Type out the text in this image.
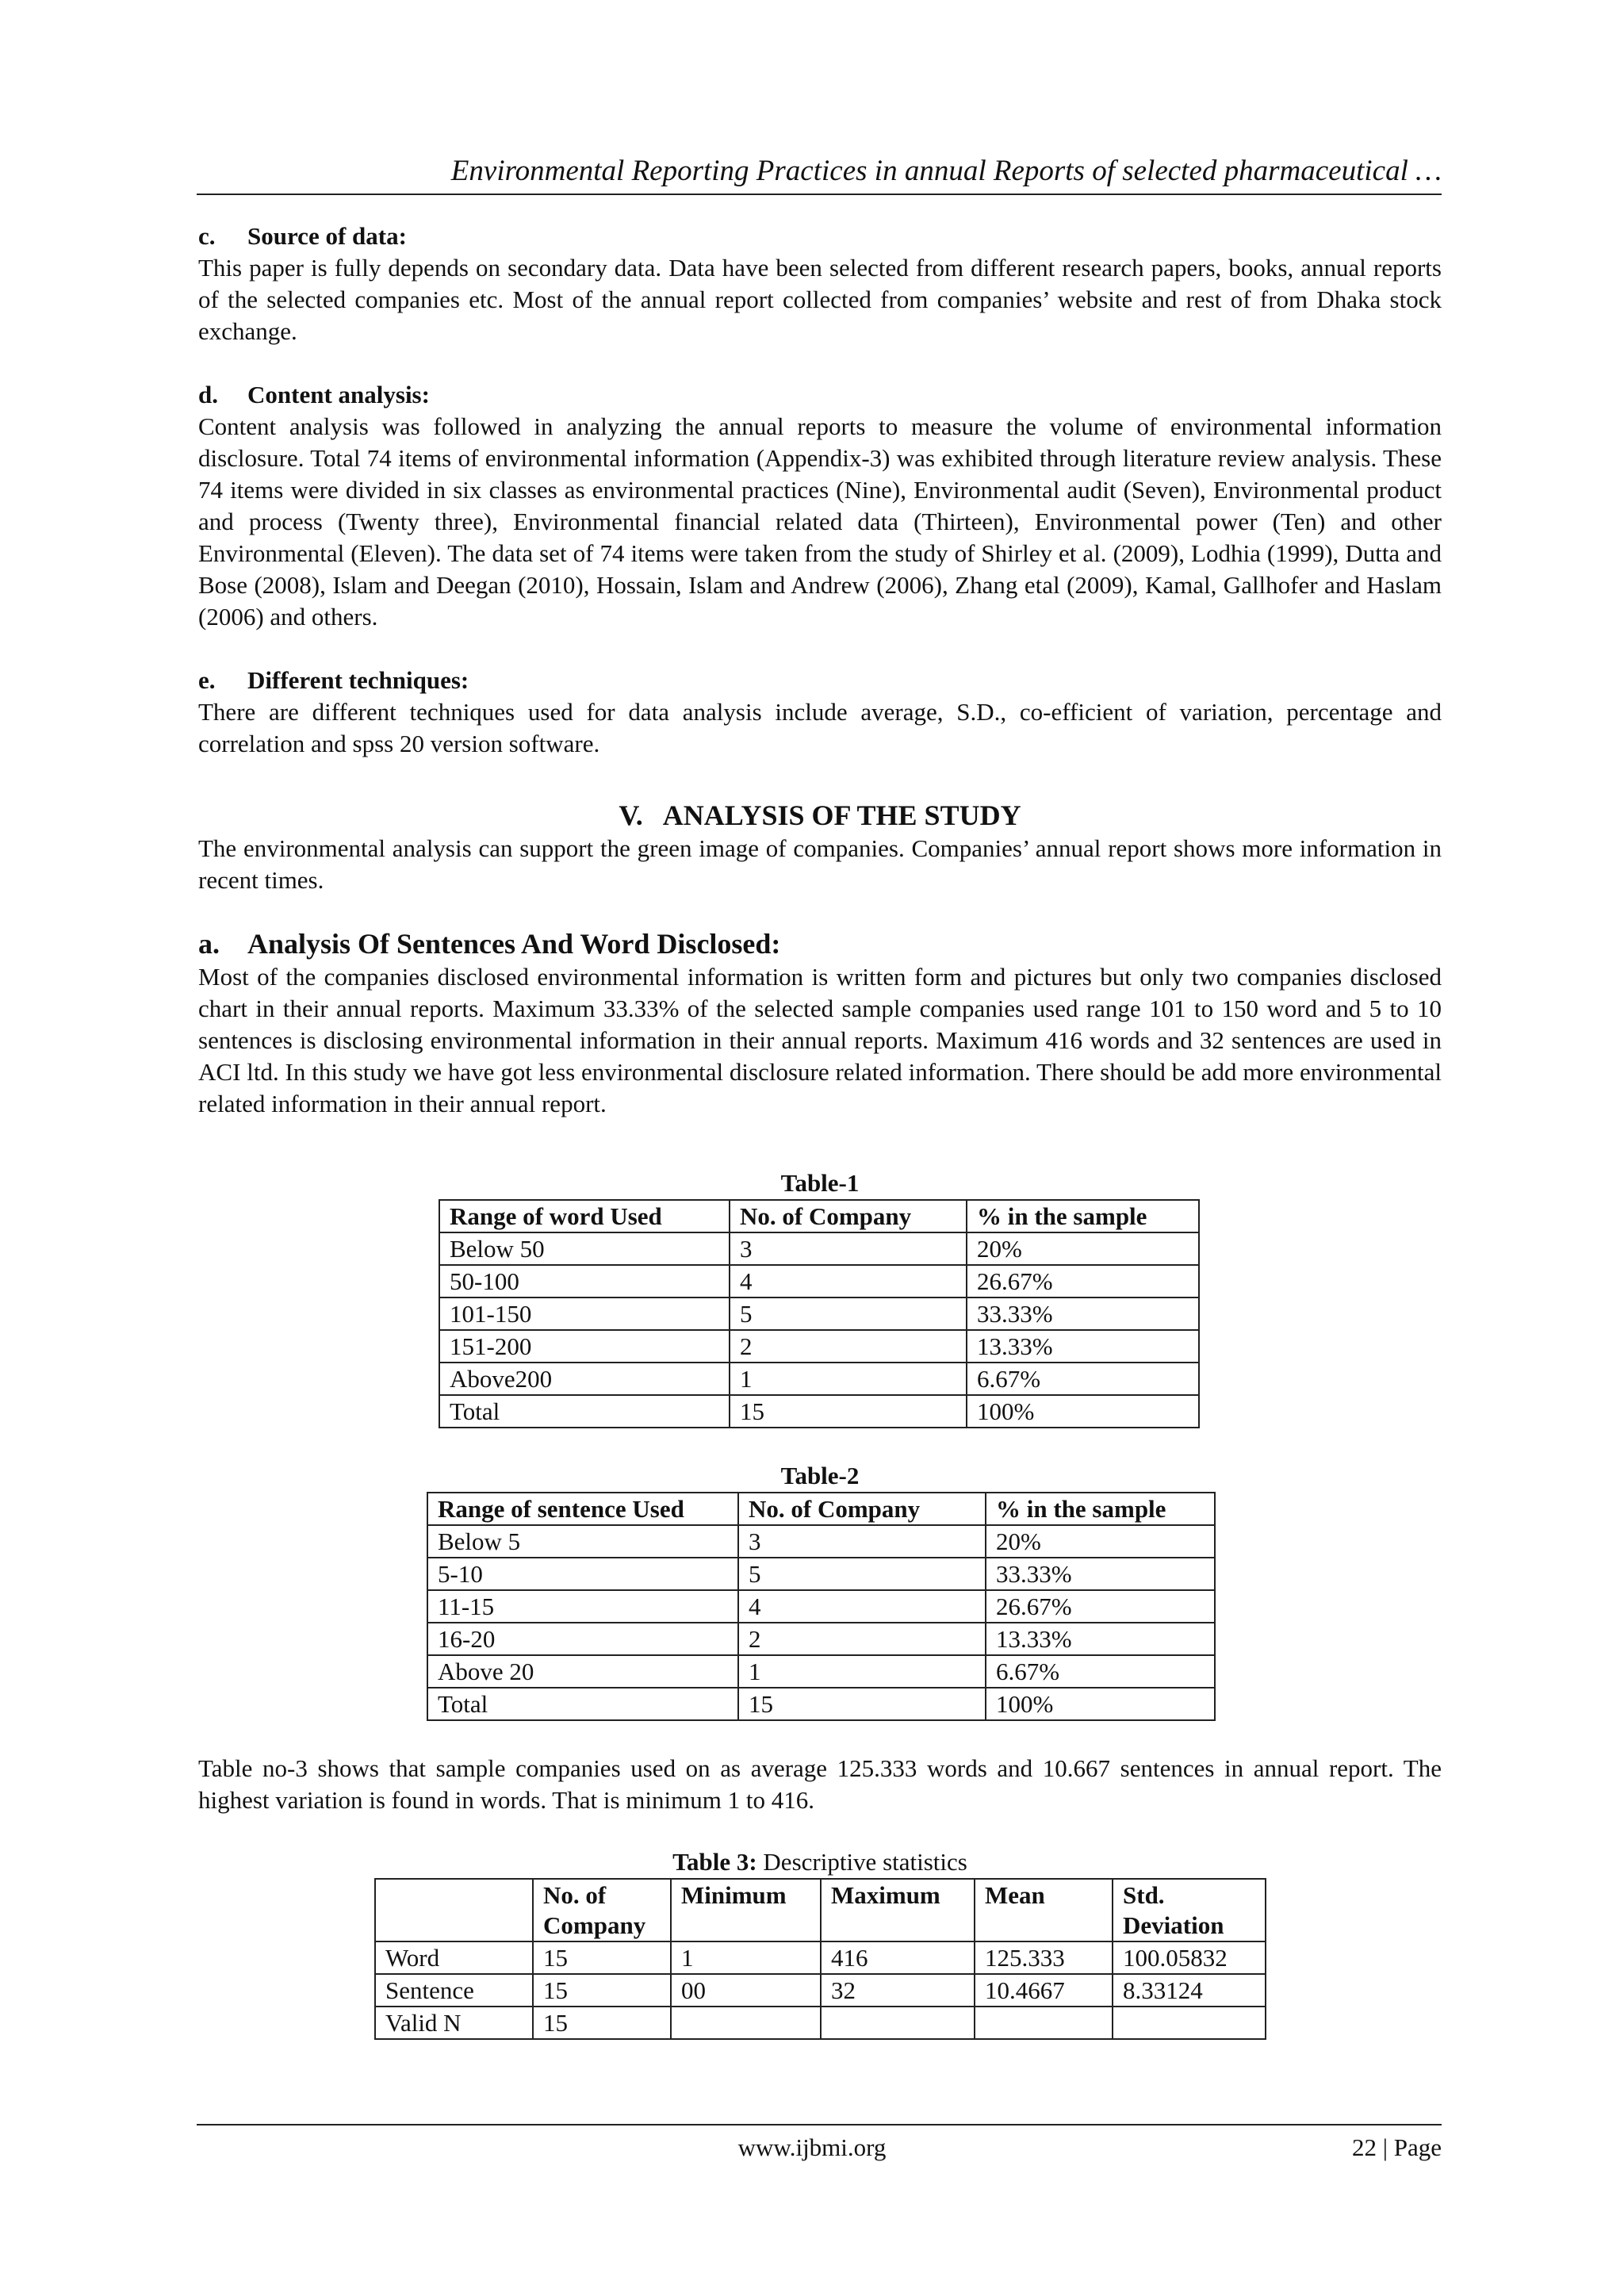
Environmental Reporting Practices in annual Reports of selected pharmaceutical …
c. Source of data:

This paper is fully depends on secondary data. Data have been selected from different research papers, books, annual reports of the selected companies etc. Most of the annual report collected from companies’ website and rest of from Dhaka stock exchange.

d. Content analysis:

Content analysis was followed in analyzing the annual reports to measure the volume of environmental information disclosure. Total 74 items of environmental information (Appendix-3) was exhibited through literature review analysis. These 74 items were divided in six classes as environmental practices (Nine), Environmental audit (Seven), Environmental product and process (Twenty three), Environmental financial related data (Thirteen), Environmental power (Ten) and other Environmental (Eleven). The data set of 74 items were taken from the study of Shirley et al. (2009), Lodhia (1999), Dutta and Bose (2008), Islam and Deegan (2010), Hossain, Islam and Andrew (2006), Zhang etal (2009), Kamal, Gallhofer and Haslam (2006) and others.

e. Different techniques:

There are different techniques used for data analysis include average, S.D., co-efficient of variation, percentage and correlation and spss 20 version software.

V.   ANALYSIS OF THE STUDY

The environmental analysis can support the green image of companies. Companies’ annual report shows more information in recent times.

a. Analysis Of Sentences And Word Disclosed:

Most of the companies disclosed environmental information is written form and pictures but only two companies disclosed chart in their annual reports. Maximum 33.33% of the selected sample companies used range 101 to 150 word and 5 to 10 sentences is disclosing environmental information in their annual reports. Maximum 416 words and 32 sentences are used in ACI ltd. In this study we have got less environmental disclosure related information. There should be add more environmental related information in their annual report.

Table-1
Range of word Used	No. of Company	% in the sample
Below 50	3	20%
50-100	4	26.67%
101-150	5	33.33%
151-200	2	13.33%
Above200	1	6.67%
Total	15	100%
Table-2
Range of sentence Used	No. of Company	% in the sample
Below 5	3	20%
5-10	5	33.33%
11-15	4	26.67%
16-20	2	13.33%
Above 20	1	6.67%
Total	15	100%

Table no-3 shows that sample companies used on as average 125.333 words and 10.667 sentences in annual report. The highest variation is found in words. That is minimum 1 to 416.

Table 3: Descriptive statistics
	No. of Company	Minimum	Maximum	Mean	Std. Deviation
Word	15	1	416	125.333	100.05832
Sentence	15	00	32	10.4667	8.33124
Valid N	15				
www.ijbmi.org	22 | Page
